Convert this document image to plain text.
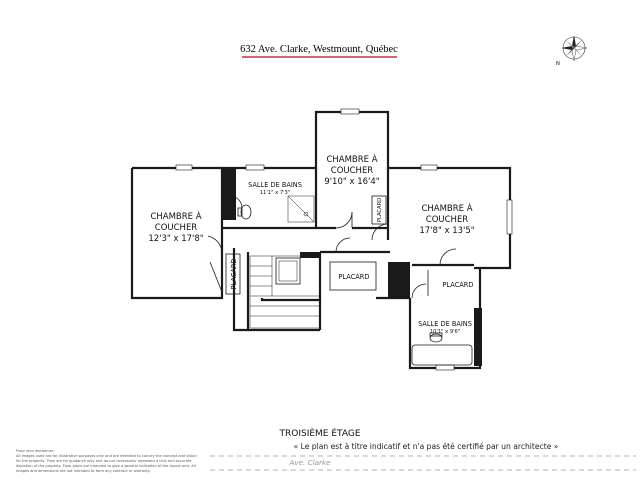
632 Ave. Clarke, Westmount, Québec
N
CHAMBRE À
COUCHER
12'3" x 17'8"
CHAMBRE À
COUCHER
9'10" x 16'4"
CHAMBRE À
COUCHER
17'8" x 13'5"
SALLE DE BAINS
11'1" x 7'3"
SALLE DE BAINS
10'1" x 9'6"
PLACARD
PLACARD
PLACARD
PLACARD
TROISIÈME ÉTAGE
« Le plan est à titre indicatif et n'a pas été certifié par un architecte »
Ave. Clarke
Floor plan disclaimer:
All images used are for illustrative purposes only and are intended to convey the concept and vision
for the property. They are for guidance only and do not necessarily represent a true and accurate
depiction of the property. Floor plans are intended to give a general indication of the layout only. All
images and dimensions are not intended to form any contract or warranty.
